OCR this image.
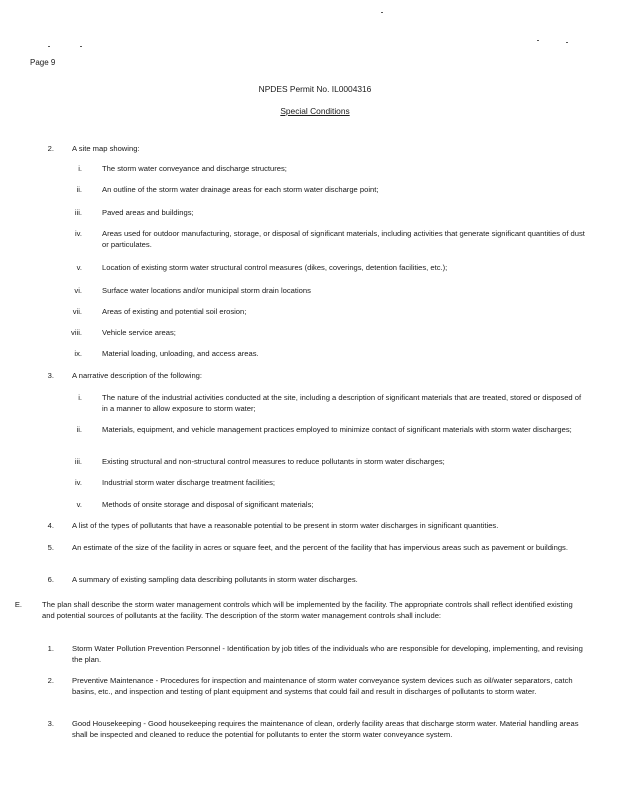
Page 9
NPDES Permit No. IL0004316
Special Conditions
2. A site map showing:
i.	The storm water conveyance and discharge structures;
ii.	An outline of the storm water drainage areas for each storm water discharge point;
iii.	Paved areas and buildings;
iv.	Areas used for outdoor manufacturing, storage, or disposal of significant materials, including activities that generate significant quantities of dust or particulates.
v.	Location of existing storm water structural control measures (dikes, coverings, detention facilities, etc.);
vi.	Surface water locations and/or municipal storm drain locations
vii.	Areas of existing and potential soil erosion;
viii.	Vehicle service areas;
ix.	Material loading, unloading, and access areas.
3. A narrative description of the following:
i.	The nature of the industrial activities conducted at the site, including a description of significant materials that are treated, stored or disposed of in a manner to allow exposure to storm water;
ii.	Materials, equipment, and vehicle management practices employed to minimize contact of significant materials with storm water discharges;
iii.	Existing structural and non-structural control measures to reduce pollutants in storm water discharges;
iv.	Industrial storm water discharge treatment facilities;
v.	Methods of onsite storage and disposal of significant materials;
4. A list of the types of pollutants that have a reasonable potential to be present in storm water discharges in significant quantities.
5. An estimate of the size of the facility in acres or square feet, and the percent of the facility that has impervious areas such as pavement or buildings.
6. A summary of existing sampling data describing pollutants in storm water discharges.
E.	The plan shall describe the storm water management controls which will be implemented by the facility. The appropriate controls shall reflect identified existing and potential sources of pollutants at the facility. The description of the storm water management controls shall include:
1. Storm Water Pollution Prevention Personnel - Identification by job titles of the individuals who are responsible for developing, implementing, and revising the plan.
2. Preventive Maintenance - Procedures for inspection and maintenance of storm water conveyance system devices such as oil/water separators, catch basins, etc., and inspection and testing of plant equipment and systems that could fail and result in discharges of pollutants to storm water.
3. Good Housekeeping - Good housekeeping requires the maintenance of clean, orderly facility areas that discharge storm water. Material handling areas shall be inspected and cleaned to reduce the potential for pollutants to enter the storm water conveyance system.
